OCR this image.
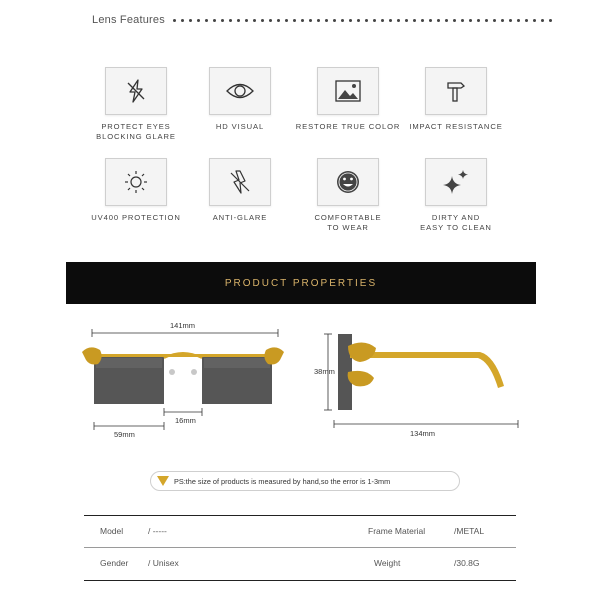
Lens Features
PROTECT EYES
BLOCKING GLARE
HD VISUAL	RESTORE TRUE COLOR	IMPACT RESISTANCE
UV400 PROTECTION	ANTI-GLARE	COMFORTABLE
TO WEAR
DIRTY AND
EASY TO CLEAN
PRODUCT PROPERTIES
141mm
16mm
59mm
38mm
134mm
PS:the size of products is measured by hand,so the error is 1-3mm
Model	/ -----	Frame Material	/METAL
Gender / Unisex	Weight	/30.8G
